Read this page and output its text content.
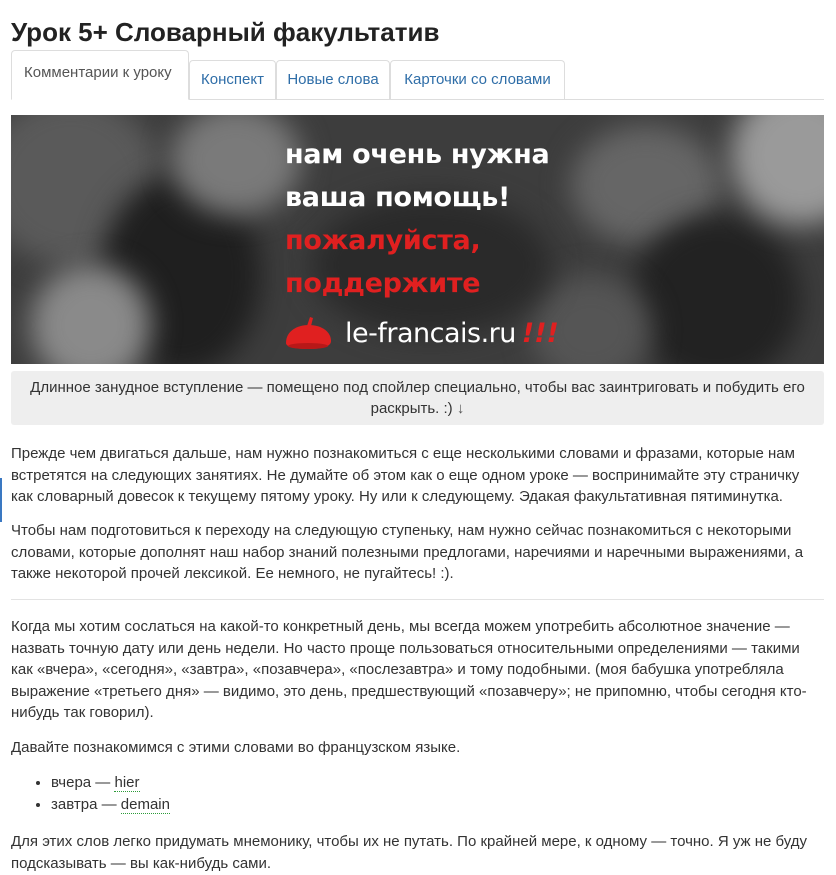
Урок 5+ Словарный факультатив
Комментарии к уроку	Конспект	Новые слова	Карточки со словами
нам очень нужна
ваша помощь!
пожалуйста,
поддержите
le-francais.ru !!!
Длинное занудное вступление — помещено под спойлер специально, чтобы вас заинтриговать и побудить его раскрыть. :) ↓

Прежде чем двигаться дальше, нам нужно познакомиться с еще несколькими словами и фразами, которые нам встретятся на следующих занятиях. Не думайте об этом как о еще одном уроке — воспринимайте эту страничку как словарный довесок к текущему пятому уроку. Ну или к следующему. Эдакая факультативная пятиминутка.

Чтобы нам подготовиться к переходу на следующую ступеньку, нам нужно сейчас познакомиться с некоторыми словами, которые дополнят наш набор знаний полезными предлогами, наречиями и наречными выражениями, а также некоторой прочей лексикой. Ее немного, не пугайтесь! :).

Когда мы хотим сослаться на какой-то конкретный день, мы всегда можем употребить абсолютное значение — назвать точную дату или день недели. Но часто проще пользоваться относительными определениями — такими как «вчера», «сегодня», «завтра», «позавчера», «послезавтра» и тому подобными. (моя бабушка употребляла выражение «третьего дня» — видимо, это день, предшествующий «позавчеру»; не припомню, чтобы сегодня кто-нибудь так говорил).

Давайте познакомимся с этими словами во французском языке.

• вчера — hier
• завтра — demain

Для этих слов легко придумать мнемонику, чтобы их не путать. По крайней мере, к одному — точно. Я уж не буду подсказывать — вы как-нибудь сами.
